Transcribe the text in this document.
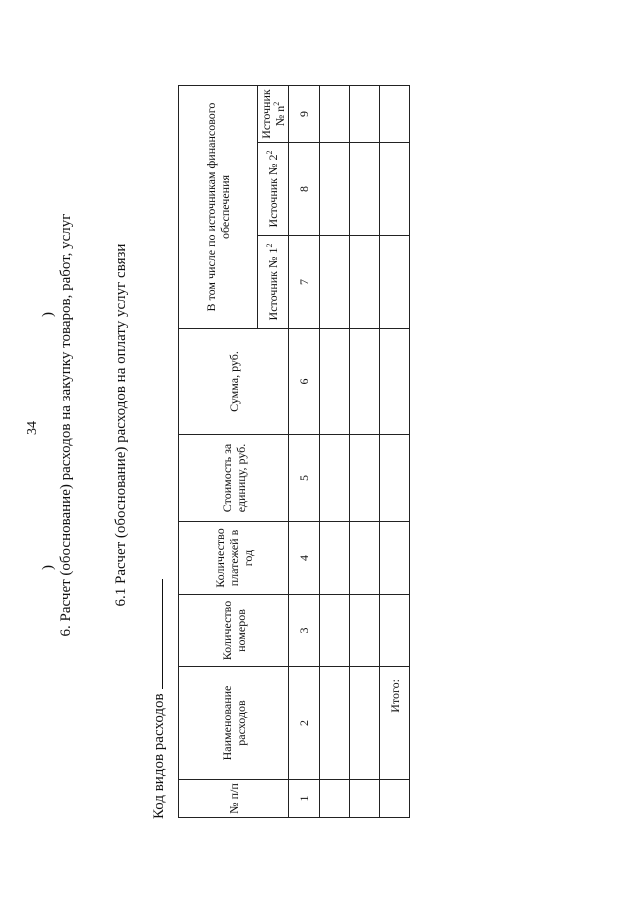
)
34
) 6. Расчет (обоснование) расходов на закупку товаров, работ, услуг	6.1 Расчет (обоснование) расходов на оплату услуг связи
Код видов расходов	№ п/п	Наименование расходов	Количество номеров	Количество платежей в год	Стоимость за единицу, руб.	Сумма, руб.	В том числе по источникам финансового обеспечения		
						Источник № $1^2$	Источник № $2^2$	Источник № $n^2$
1	2	3	4	5	6	7	8	9

	Итого:							
